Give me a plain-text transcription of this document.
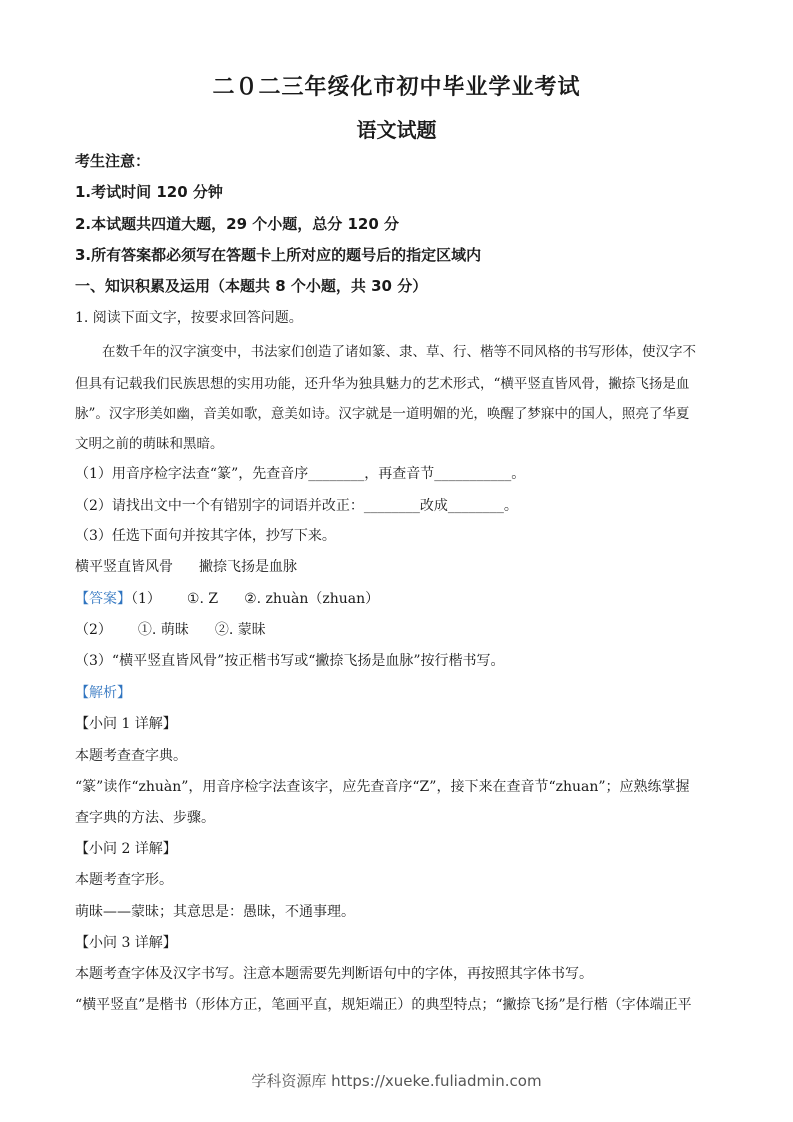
二０二三年绥化市初中毕业学业考试
语文试题
考生注意：
1.考试时间 120 分钟
2.本试题共四道大题，29 个小题，总分 120 分
3.所有答案都必须写在答题卡上所对应的题号后的指定区域内
一、知识积累及运用（本题共 8 个小题，共 30 分）
1. 阅读下面文字，按要求回答问题。
在数千年的汉字演变中，书法家们创造了诸如篆、隶、草、行、楷等不同风格的书写形体，使汉字不
但具有记载我们民族思想的实用功能，还升华为独具魅力的艺术形式，“横平竖直皆风骨，撇捺飞扬是血
脉”。汉字形美如幽，音美如歌，意美如诗。汉字就是一道明媚的光，唤醒了梦寐中的国人，照亮了华夏
文明之前的萌昧和黑暗。
（1）用音序检字法查“篆”，先查音序________，再查音节___________。
（2）请找出文中一个有错别字的词语并改正：________改成________。
（3）任选下面句并按其字体，抄写下来。
横平竖直皆风骨 撇捺飞扬是血脉
【答案】（1） ①. Z ②. zhuàn（zhuan）
（2） ①. 萌昧 ②. 蒙昧
（3）“横平竖直皆风骨”按正楷书写或“撇捺飞扬是血脉”按行楷书写。
【解析】
【小问 1 详解】
本题考查查字典。
“篆”读作“zhuàn”，用音序检字法查该字，应先查音序“Z”，接下来在查音节“zhuan”；应熟练掌握
查字典的方法、步骤。
【小问 2 详解】
本题考查字形。
萌昧——蒙昧；其意思是：愚昧，不通事理。
【小问 3 详解】
本题考查字体及汉字书写。注意本题需要先判断语句中的字体，再按照其字体书写。
“横平竖直”是楷书（形体方正，笔画平直，规矩端正）的典型特点；“撇捺飞扬”是行楷（字体端正平
学科资源库 https://xueke.fuliadmin.com
